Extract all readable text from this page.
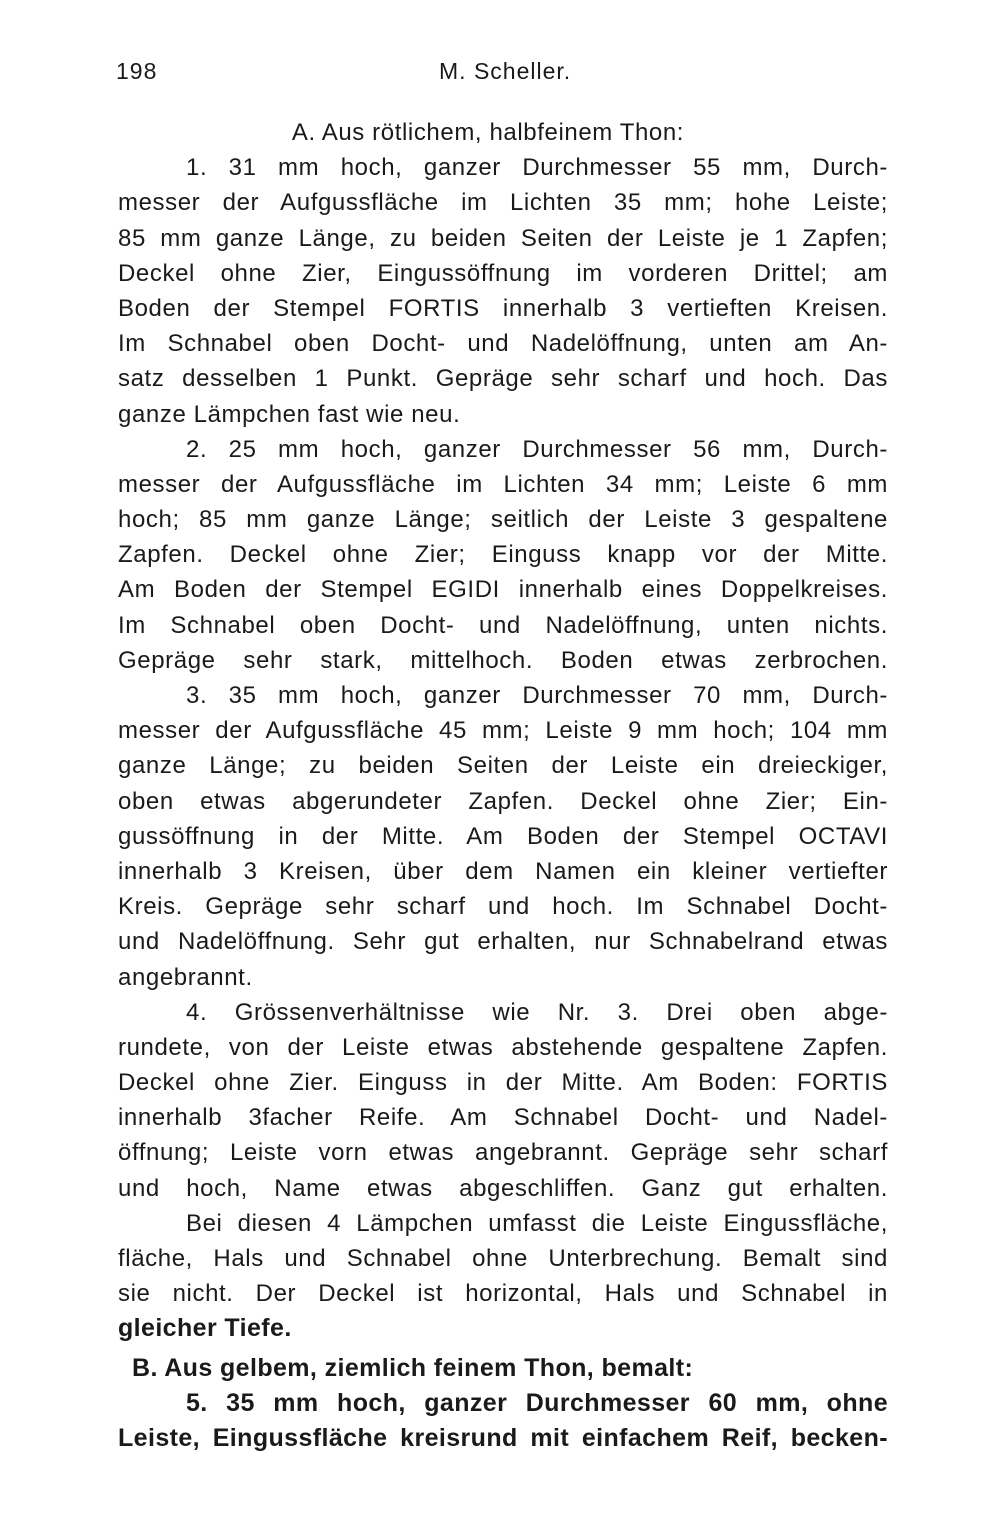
198	M. Scheller.
A. Aus rötlichem, halbfeinem Thon:
1. 31 mm hoch, ganzer Durchmesser 55 mm, Durch-
messer der Aufgussfläche im Lichten 35 mm; hohe Leiste;
85 mm ganze Länge, zu beiden Seiten der Leiste je 1 Zapfen;
Deckel ohne Zier, Eingussöffnung im vorderen Drittel; am
Boden der Stempel FORTIS innerhalb 3 vertieften Kreisen.
Im Schnabel oben Docht- und Nadelöffnung, unten am An-
satz desselben 1 Punkt. Gepräge sehr scharf und hoch. Das
ganze Lämpchen fast wie neu.
2. 25 mm hoch, ganzer Durchmesser 56 mm, Durch-
messer der Aufgussfläche im Lichten 34 mm; Leiste 6 mm
hoch; 85 mm ganze Länge; seitlich der Leiste 3 gespaltene
Zapfen. Deckel ohne Zier; Einguss knapp vor der Mitte.
Am Boden der Stempel EGIDI innerhalb eines Doppelkreises.
Im Schnabel oben Docht- und Nadelöffnung, unten nichts.
Gepräge sehr stark, mittelhoch. Boden etwas zerbrochen.
3. 35 mm hoch, ganzer Durchmesser 70 mm, Durch-
messer der Aufgussfläche 45 mm; Leiste 9 mm hoch; 104 mm
ganze Länge; zu beiden Seiten der Leiste ein dreieckiger,
oben etwas abgerundeter Zapfen. Deckel ohne Zier; Ein-
gussöffnung in der Mitte. Am Boden der Stempel OCTAVI
innerhalb 3 Kreisen, über dem Namen ein kleiner vertiefter
Kreis. Gepräge sehr scharf und hoch. Im Schnabel Docht-
und Nadelöffnung. Sehr gut erhalten, nur Schnabelrand etwas
angebrannt.
4. Grössenverhältnisse wie Nr. 3. Drei oben abge-
rundete, von der Leiste etwas abstehende gespaltene Zapfen.
Deckel ohne Zier. Einguss in der Mitte. Am Boden: FORTIS
innerhalb 3facher Reife. Am Schnabel Docht- und Nadel-
öffnung; Leiste vorn etwas angebrannt. Gepräge sehr scharf
und hoch, Name etwas abgeschliffen. Ganz gut erhalten.
Bei diesen 4 Lämpchen umfasst die Leiste Eingussfläche,
fläche, Hals und Schnabel ohne Unterbrechung. Bemalt sind
sie nicht. Der Deckel ist horizontal, Hals und Schnabel in
gleicher Tiefe.
B. Aus gelbem, ziemlich feinem Thon, bemalt:
5. 35 mm hoch, ganzer Durchmesser 60 mm, ohne
Leiste, Eingussfläche kreisrund mit einfachem Reif, becken-
